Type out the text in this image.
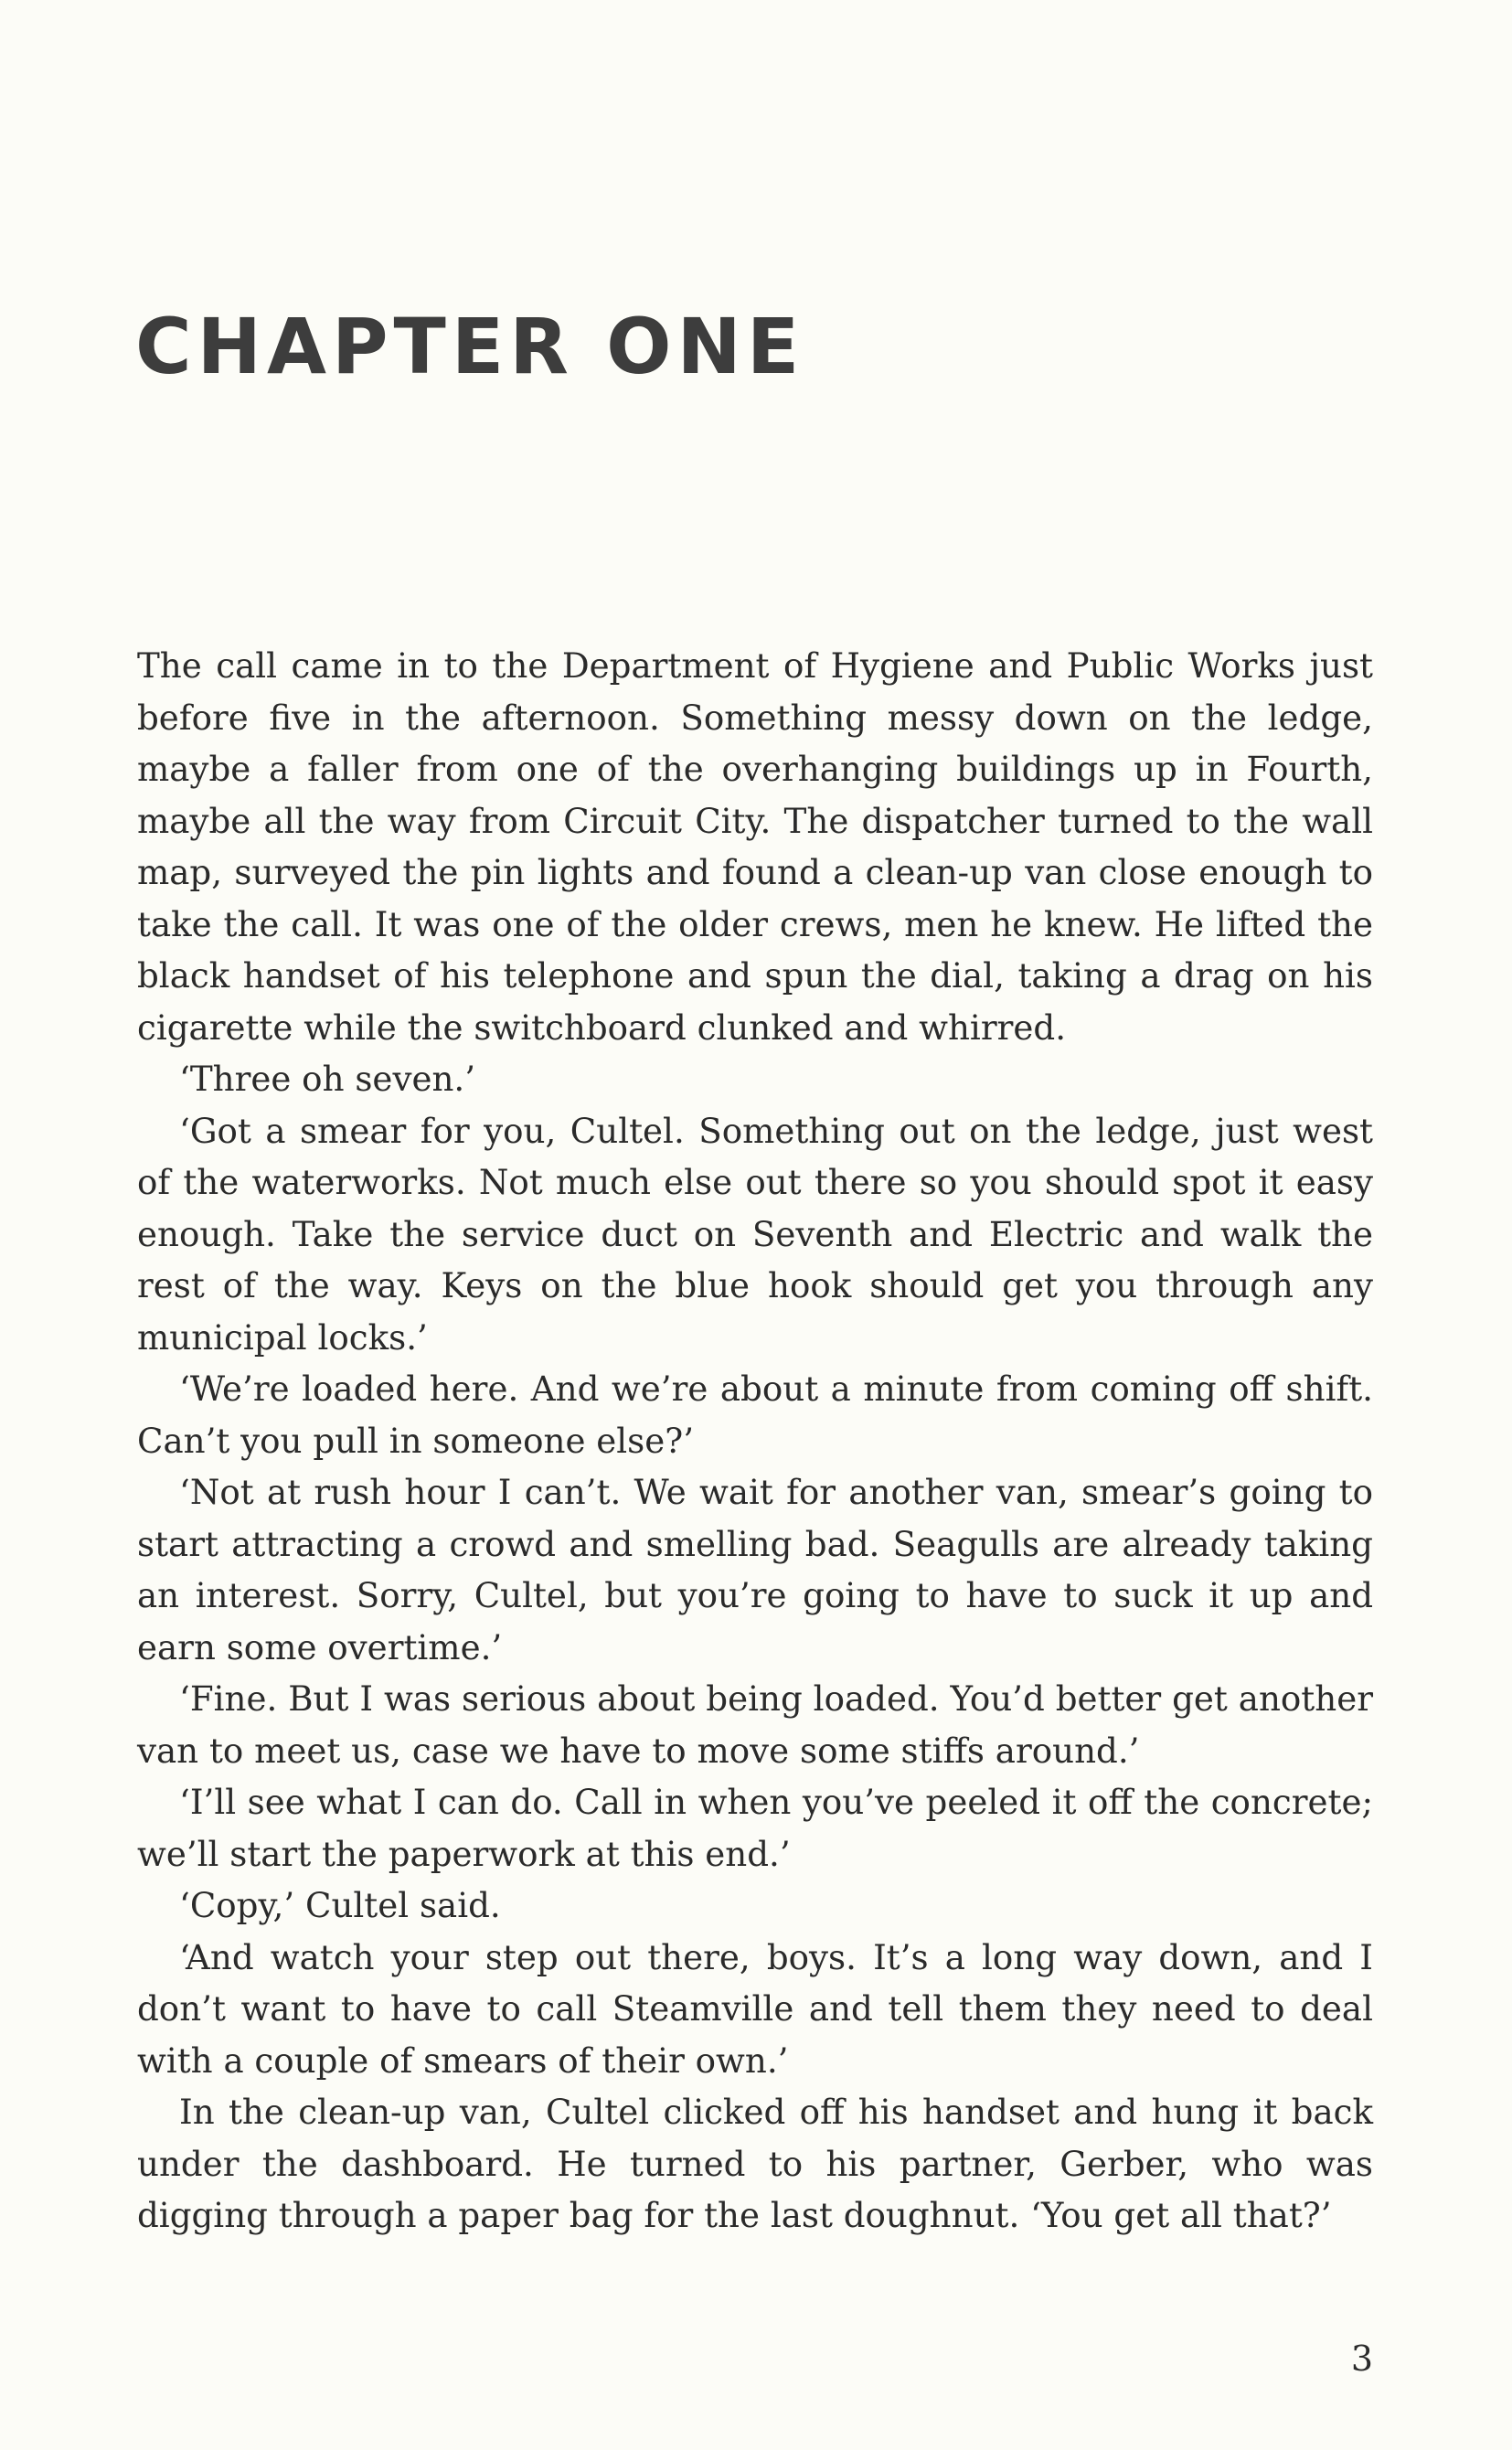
CHAPTER ONE

The call came in to the Department of Hygiene and Public Works just before five in the afternoon. Something messy down on the ledge, maybe a faller from one of the overhanging buildings up in Fourth, maybe all the way from Circuit City. The dispatcher turned to the wall map, surveyed the pin lights and found a clean-up van close enough to take the call. It was one of the older crews, men he knew. He lifted the black handset of his telephone and spun the dial, taking a drag on his cigarette while the switchboard clunked and whirred.

‘Three oh seven.’

‘Got a smear for you, Cultel. Something out on the ledge, just west of the waterworks. Not much else out there so you should spot it easy enough. Take the service duct on Seventh and Electric and walk the rest of the way. Keys on the blue hook should get you through any municipal locks.’

‘We’re loaded here. And we’re about a minute from coming off shift. Can’t you pull in someone else?’

‘Not at rush hour I can’t. We wait for another van, smear’s going to start attracting a crowd and smelling bad. Seagulls are already taking an interest. Sorry, Cultel, but you’re going to have to suck it up and earn some overtime.’

‘Fine. But I was serious about being loaded. You’d better get another van to meet us, case we have to move some stiffs around.’

‘I’ll see what I can do. Call in when you’ve peeled it off the concrete; we’ll start the paperwork at this end.’

‘Copy,’ Cultel said.

‘And watch your step out there, boys. It’s a long way down, and I don’t want to have to call Steamville and tell them they need to deal with a couple of smears of their own.’

In the clean-up van, Cultel clicked off his handset and hung it back under the dashboard. He turned to his partner, Gerber, who was digging through a paper bag for the last doughnut. ‘You get all that?’

3
